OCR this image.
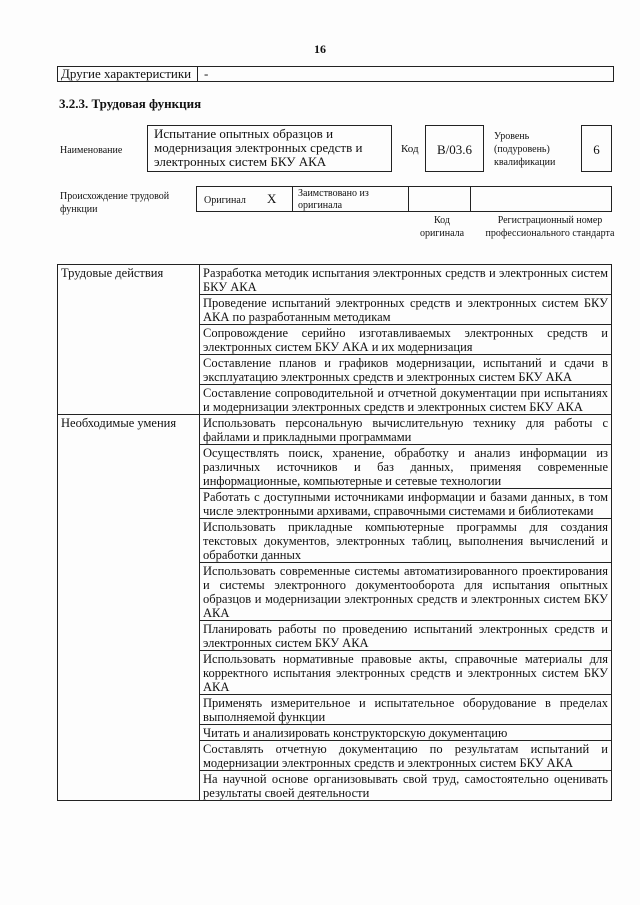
16
Другие характеристики -
3.2.3. Трудовая функция
Наименование
Испытание опытных образцов и модернизация электронных средств и электронных систем БКУ АКА
Код	B/03.6
Уровень (подуровень) квалификации
6
Происхождение трудовой функции
Оригинал X Заимствовано из оригинала
Код оригинала
Регистрационный номер профессионального стандарта
Трудовые действия	Разработка методик испытания электронных средств и электронных систем БКУ АКА
	Проведение испытаний электронных средств и электронных систем БКУ АКА по разработанным методикам
	Сопровождение серийно изготавливаемых электронных средств и электронных систем БКУ АКА и их модернизация
	Составление планов и графиков модернизации, испытаний и сдачи в эксплуатацию электронных средств и электронных систем БКУ АКА
	Составление сопроводительной и отчетной документации при испытаниях и модернизации электронных средств и электронных систем БКУ АКА
Необходимые умения	Использовать персональную вычислительную технику для работы с файлами и прикладными программами
	Осуществлять поиск, хранение, обработку и анализ информации из различных источников и баз данных, применяя современные информационные, компьютерные и сетевые технологии
	Работать с доступными источниками информации и базами данных, в том числе электронными архивами, справочными системами и библиотеками
	Использовать прикладные компьютерные программы для создания текстовых документов, электронных таблиц, выполнения вычислений и обработки данных
	Использовать современные системы автоматизированного проектирования и системы электронного документооборота для испытания опытных образцов и модернизации электронных средств и электронных систем БКУ АКА
	Планировать работы по проведению испытаний электронных средств и электронных систем БКУ АКА
	Использовать нормативные правовые акты, справочные материалы для корректного испытания электронных средств и электронных систем БКУ АКА
	Применять измерительное и испытательное оборудование в пределах выполняемой функции
	Читать и анализировать конструкторскую документацию
	Составлять отчетную документацию по результатам испытаний и модернизации электронных средств и электронных систем БКУ АКА
	На научной основе организовывать свой труд, самостоятельно оценивать результаты своей деятельности
